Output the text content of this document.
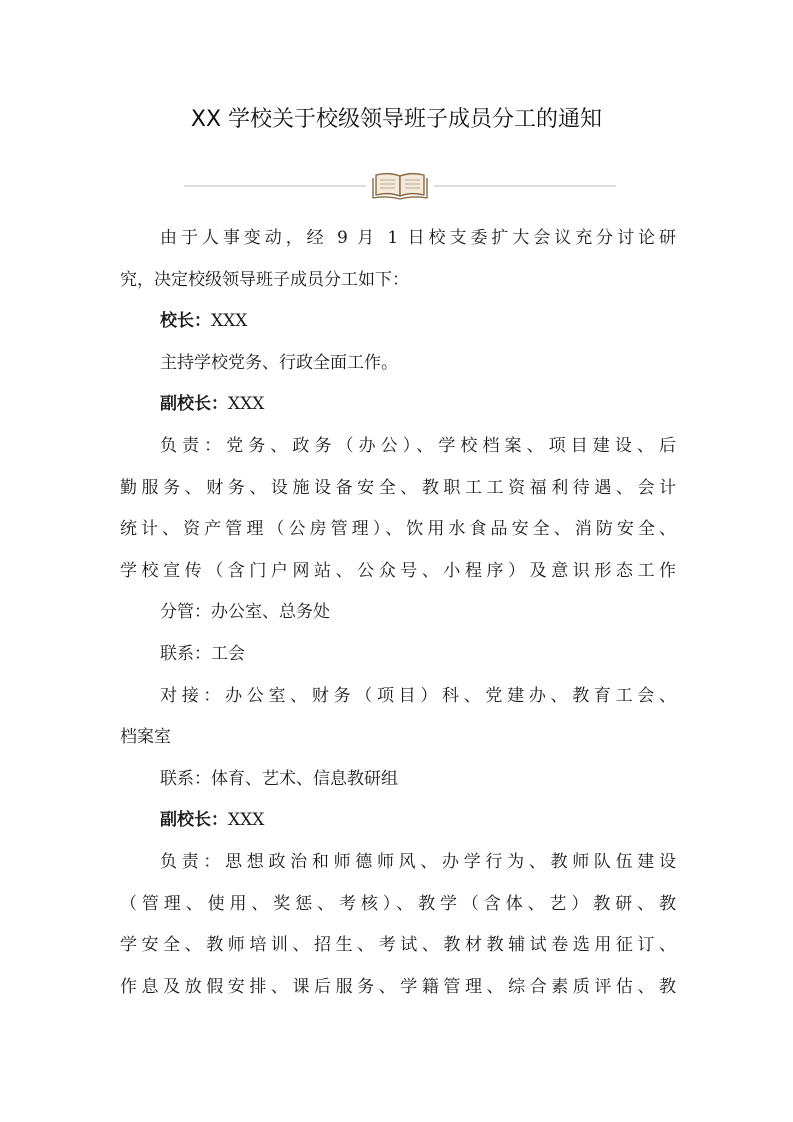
XX 学校关于校级领导班子成员分工的通知

由于人事变动，经 9 月 1 日校支委扩大会议充分讨论研

究，决定校级领导班子成员分工如下：

校长：XXX

主持学校党务、行政全面工作。

副校长：XXX

负责：党务、政务（办公）、学校档案、项目建设、后

勤服务、财务、设施设备安全、教职工工资福利待遇、会计

统计、资产管理（公房管理）、饮用水食品安全、消防安全、

学校宣传（含门户网站、公众号、小程序）及意识形态工作

分管：办公室、总务处

联系：工会

对接：办公室、财务（项目）科、党建办、教育工会、

档案室

联系：体育、艺术、信息教研组

副校长：XXX

负责：思想政治和师德师风、办学行为、教师队伍建设

（管理、使用、奖惩、考核）、教学（含体、艺）教研、教

学安全、教师培训、招生、考试、教材教辅试卷选用征订、

作息及放假安排、课后服务、学籍管理、综合素质评估、教
